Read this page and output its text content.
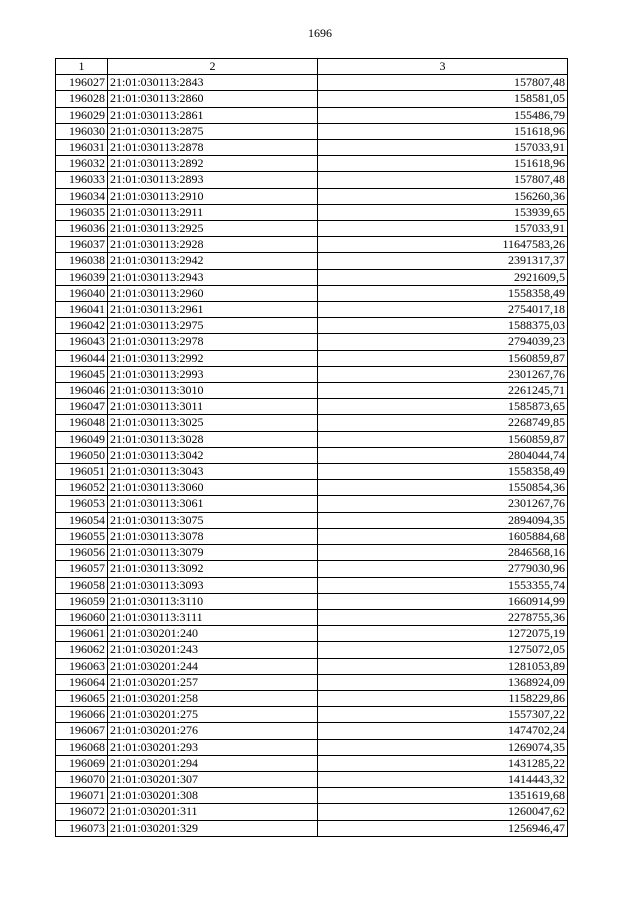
1696
1	2	3
196027	21:01:030113:2843	157807,48
196028	21:01:030113:2860	158581,05
196029	21:01:030113:2861	155486,79
196030	21:01:030113:2875	151618,96
196031	21:01:030113:2878	157033,91
196032	21:01:030113:2892	151618,96
196033	21:01:030113:2893	157807,48
196034	21:01:030113:2910	156260,36
196035	21:01:030113:2911	153939,65
196036	21:01:030113:2925	157033,91
196037	21:01:030113:2928	11647583,26
196038	21:01:030113:2942	2391317,37
196039	21:01:030113:2943	2921609,5
196040	21:01:030113:2960	1558358,49
196041	21:01:030113:2961	2754017,18
196042	21:01:030113:2975	1588375,03
196043	21:01:030113:2978	2794039,23
196044	21:01:030113:2992	1560859,87
196045	21:01:030113:2993	2301267,76
196046	21:01:030113:3010	2261245,71
196047	21:01:030113:3011	1585873,65
196048	21:01:030113:3025	2268749,85
196049	21:01:030113:3028	1560859,87
196050	21:01:030113:3042	2804044,74
196051	21:01:030113:3043	1558358,49
196052	21:01:030113:3060	1550854,36
196053	21:01:030113:3061	2301267,76
196054	21:01:030113:3075	2894094,35
196055	21:01:030113:3078	1605884,68
196056	21:01:030113:3079	2846568,16
196057	21:01:030113:3092	2779030,96
196058	21:01:030113:3093	1553355,74
196059	21:01:030113:3110	1660914,99
196060	21:01:030113:3111	2278755,36
196061	21:01:030201:240	1272075,19
196062	21:01:030201:243	1275072,05
196063	21:01:030201:244	1281053,89
196064	21:01:030201:257	1368924,09
196065	21:01:030201:258	1158229,86
196066	21:01:030201:275	1557307,22
196067	21:01:030201:276	1474702,24
196068	21:01:030201:293	1269074,35
196069	21:01:030201:294	1431285,22
196070	21:01:030201:307	1414443,32
196071	21:01:030201:308	1351619,68
196072	21:01:030201:311	1260047,62
196073	21:01:030201:329	1256946,47
